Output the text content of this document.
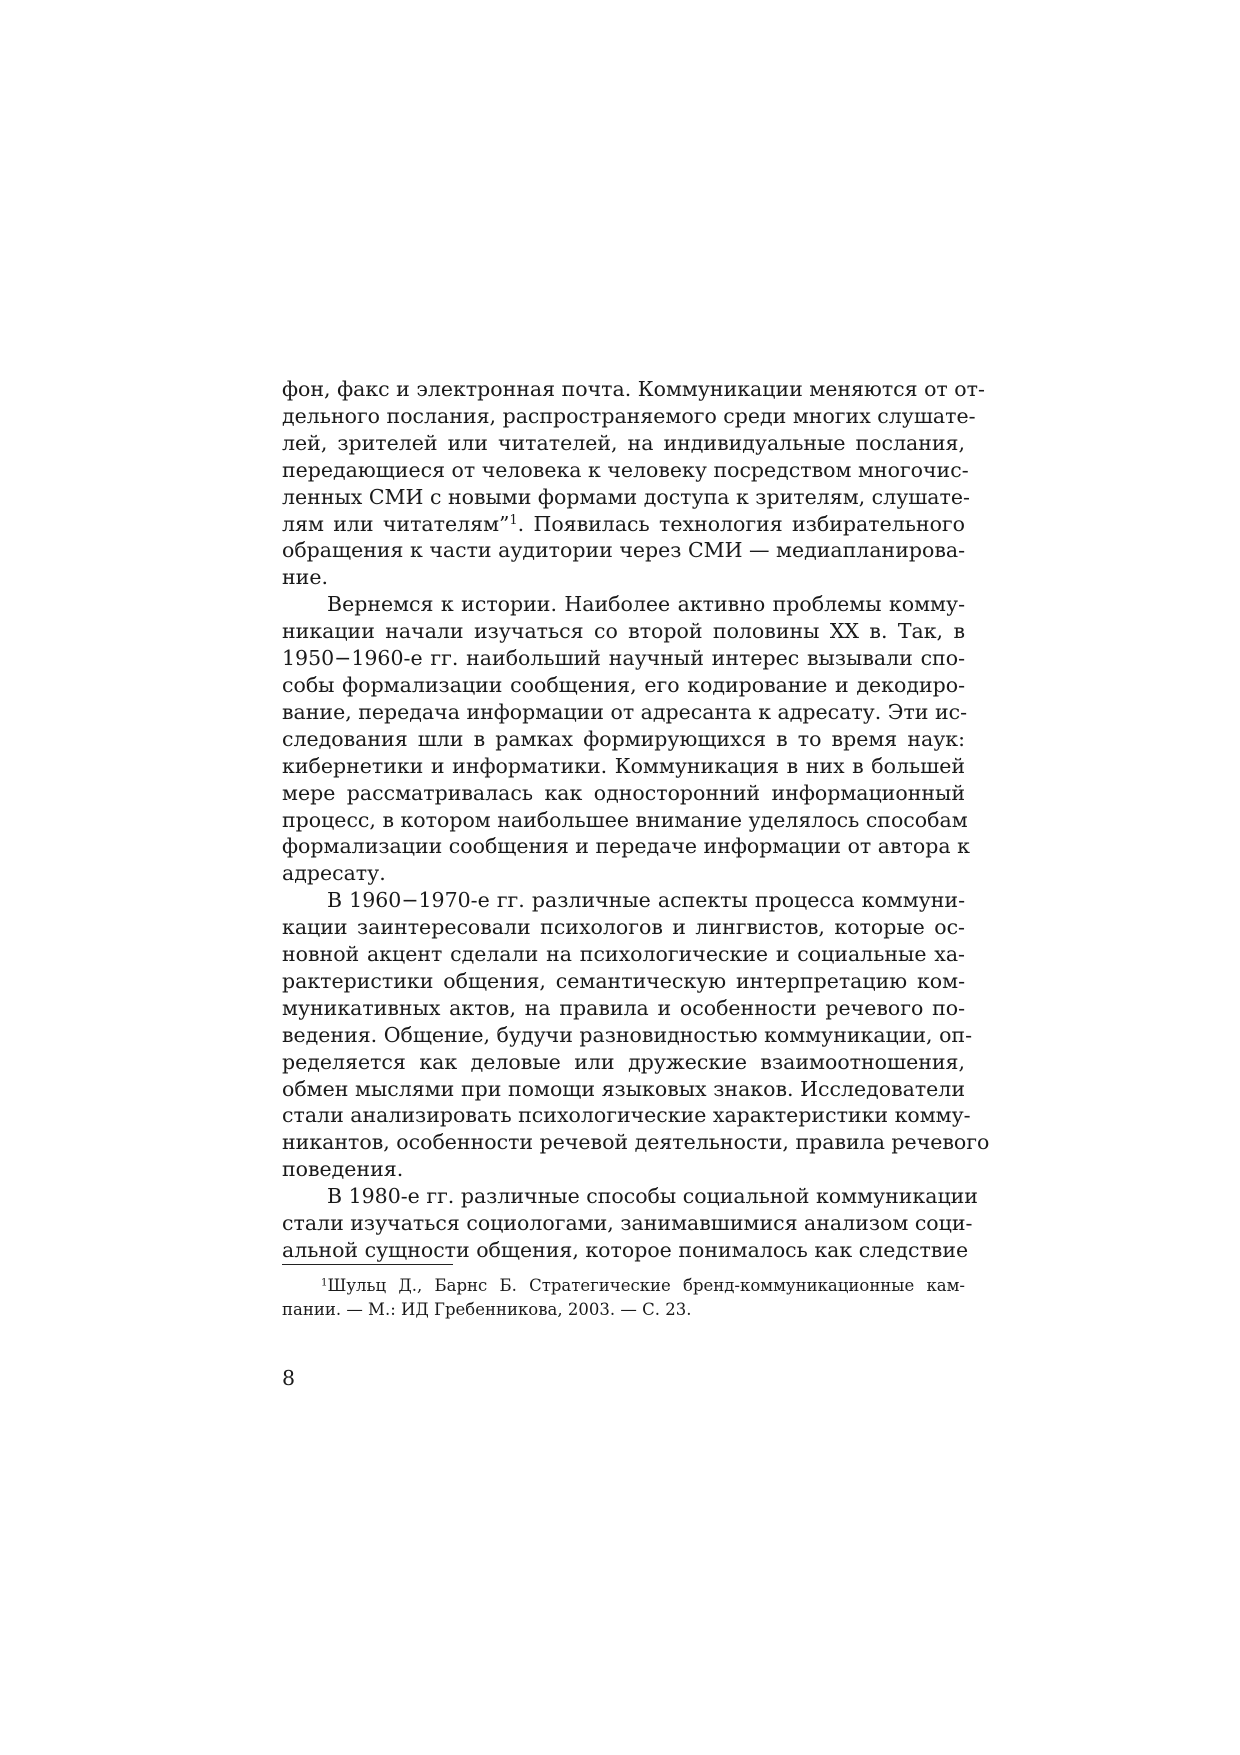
фон, факс и электронная почта. Коммуникации меняются от от-
дельного послания, распространяемого среди многих слушате-
лей, зрителей или читателей, на индивидуальные послания,
передающиеся от человека к человеку посредством многочис-
ленных СМИ с новыми формами доступа к зрителям, слушате-
лям или читателям”$^1$. Появилась технология избирательного
обращения к части аудитории через СМИ — медиапланирова-
ние.
Вернемся к истории. Наиболее активно проблемы комму-
никации начали изучаться со второй половины XX в. Так, в
1950−1960-е гг. наибольший научный интерес вызывали спо-
собы формализации сообщения, его кодирование и декодиро-
вание, передача информации от адресанта к адресату. Эти ис-
следования шли в рамках формирующихся в то время наук:
кибернетики и информатики. Коммуникация в них в большей
мере рассматривалась как односторонний информационный
процесс, в котором наибольшее внимание уделялось способам
формализации сообщения и передаче информации от автора к
адресату.
В 1960−1970-е гг. различные аспекты процесса коммуни-
кации заинтересовали психологов и лингвистов, которые ос-
новной акцент сделали на психологические и социальные ха-
рактеристики общения, семантическую интерпретацию ком-
муникативных актов, на правила и особенности речевого по-
ведения. Общение, будучи разновидностью коммуникации, оп-
ределяется как деловые или дружеские взаимоотношения,
обмен мыслями при помощи языковых знаков. Исследователи
стали анализировать психологические характеристики комму-
никантов, особенности речевой деятельности, правила речевого
поведения.
В 1980-е гг. различные способы социальной коммуникации
стали изучаться социологами, занимавшимися анализом соци-
альной сущности общения, которое понималось как следствие
$^1$Шульц Д., Барнс Б. Стратегические бренд-коммуникационные кам-
пании. — М.: ИД Гребенникова, 2003. — С. 23.
8
